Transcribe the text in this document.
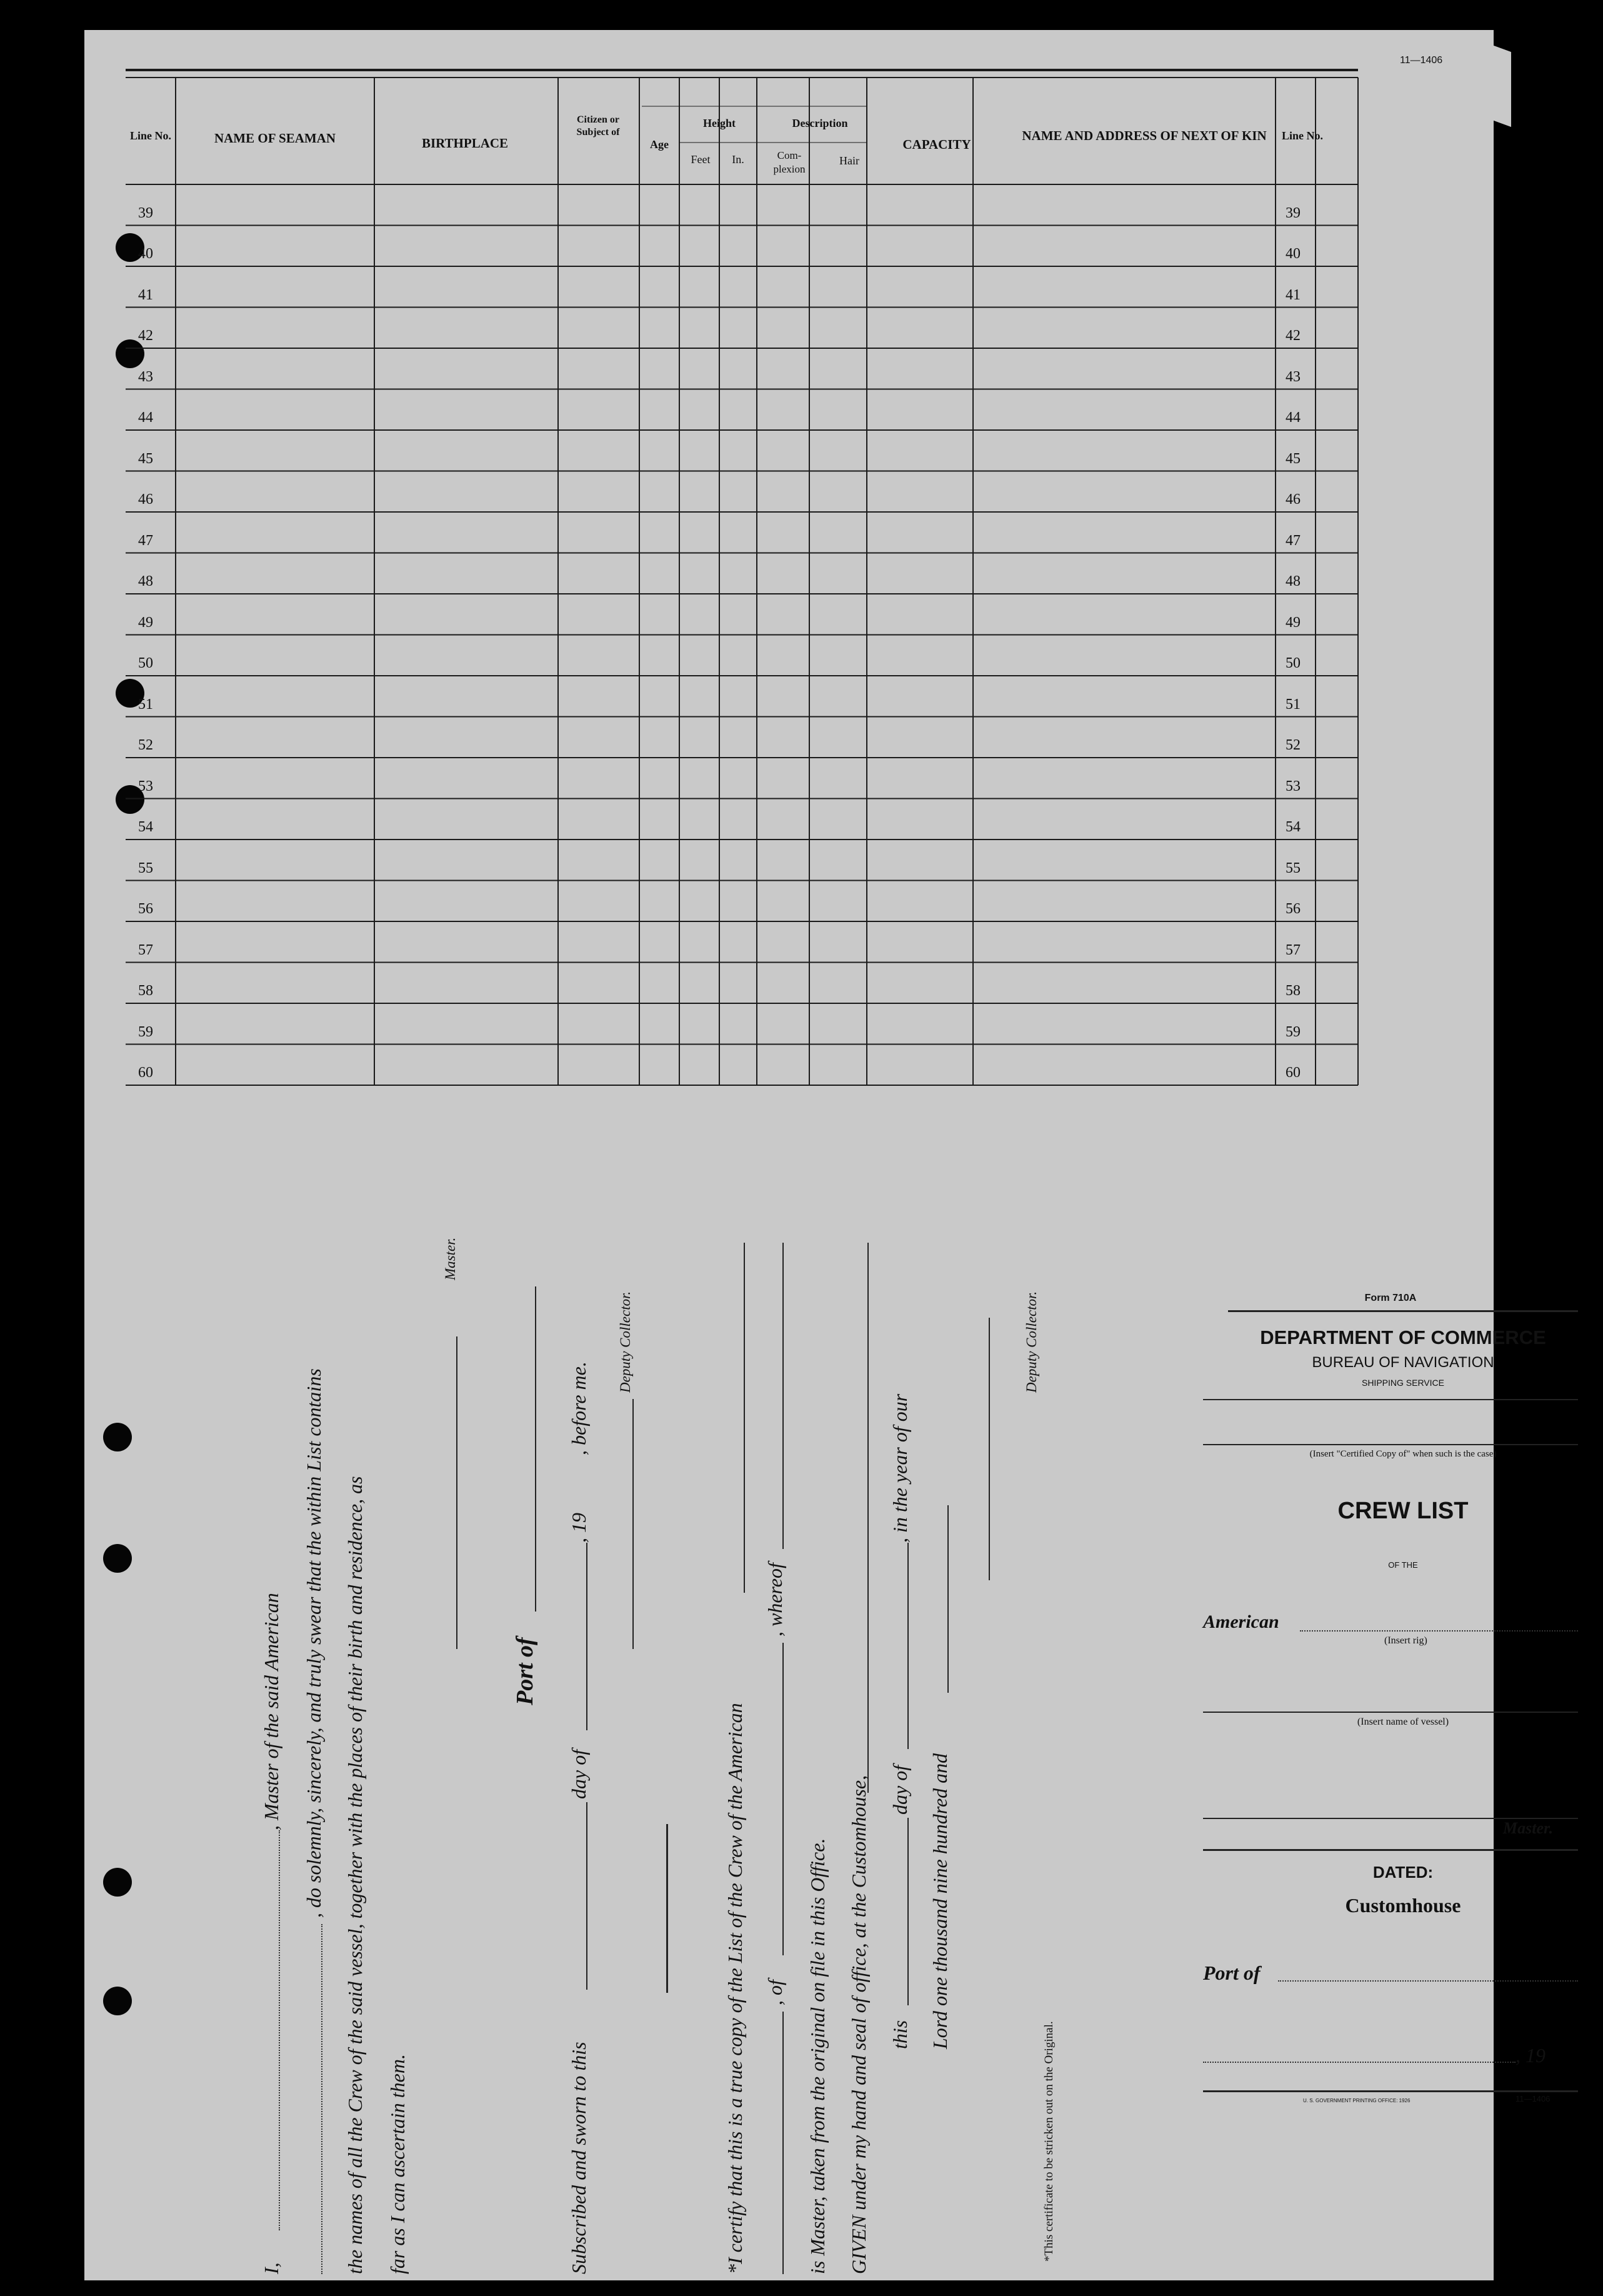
11—1406
Line No.	NAME OF SEAMAN	BIRTHPLACE
Citizen or Subject of
Age
Height
Feet	In.
Description
Com- plexion
Hair
CAPACITY
NAME AND ADDRESS OF NEXT OF KIN	Line No.
39	39
40	40
41	41
42	42
43	43
44	44
45	45
46	46
47	47
48	48
49	49
50	50
51	51
52	52
53	53
54	54
55	55
56	56
57	57
58	58
59	59
60	60
I,
, Master of the said American , do solemnly, sincerely, and truly swear that the within List contains the names of all the Crew of the said vessel, together with the places of their birth and residence, as far as I can ascertain them.
Master.
Port of
Subscribed and sworn to this
day of
, 19
, before me.
Deputy Collector.
*I certify that this is a true copy of the List of the Crew of the American , of
, whereof
is Master, taken from the original on file in this Office. GIVEN under my hand and seal of office, at the Customhouse, this
day of
, in the year of our
Lord one thousand nine hundred and
Deputy Collector.
*This certificate to be stricken out on the Original.
Form 710A
DEPARTMENT OF COMMERCE
BUREAU OF NAVIGATION
SHIPPING SERVICE
(Insert "Certified Copy of" when such is the case)
CREW LIST
OF THE
American
(Insert rig)
(Insert name of vessel)
Master.
DATED:
Customhouse
Port of
, 19
U. S. GOVERNMENT PRINTING OFFICE: 1926	11—1406
